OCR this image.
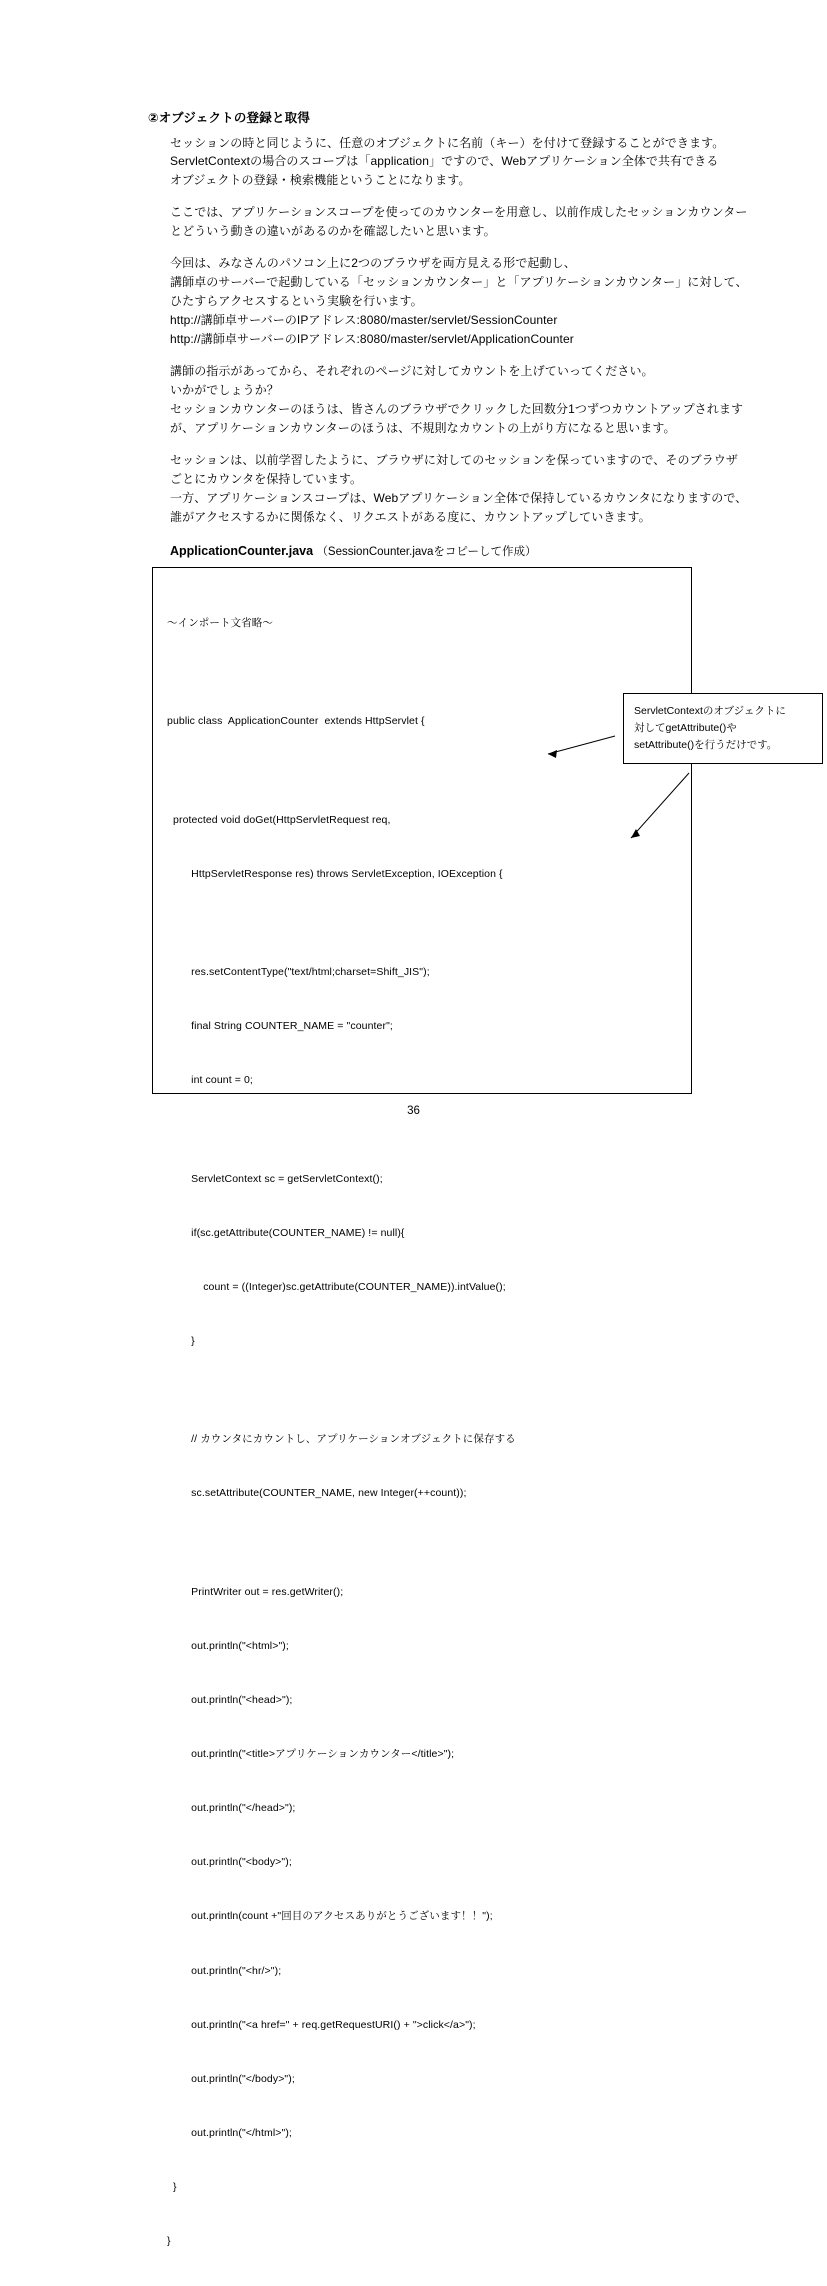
②オブジェクトの登録と取得
セッションの時と同じように、任意のオブジェクトに名前（キー）を付けて登録することができます。
ServletContextの場合のスコープは「application」ですので、Webアプリケーション全体で共有できる
オブジェクトの登録・検索機能ということになります。
ここでは、アプリケーションスコープを使ってのカウンターを用意し、以前作成したセッションカウンター
とどういう動きの違いがあるのかを確認したいと思います。
今回は、みなさんのパソコン上に2つのブラウザを両方見える形で起動し、
講師卓のサーバーで起動している「セッションカウンター」と「アプリケーションカウンター」に対して、
ひたすらアクセスするという実験を行います。
http://講師卓サーバーのIPアドレス:8080/master/servlet/SessionCounter
http://講師卓サーバーのIPアドレス:8080/master/servlet/ApplicationCounter
講師の指示があってから、それぞれのページに対してカウントを上げていってください。
いかがでしょうか？
セッションカウンターのほうは、皆さんのブラウザでクリックした回数分1つずつカウントアップされます
が、アプリケーションカウンターのほうは、不規則なカウントの上がり方になると思います。
セッションは、以前学習したように、ブラウザに対してのセッションを保っていますので、そのブラウザ
ごとにカウンタを保持しています。
一方、アプリケーションスコープは、Webアプリケーション全体で保持しているカウンタになりますので、
誰がアクセスするかに関係なく、リクエストがある度に、カウントアップしていきます。
ApplicationCounter.java （SessionCounter.javaをコピーして作成）

〜インポート文省略〜

public class  ApplicationCounter  extends HttpServlet {

protected void doGet(HttpServletRequest req,

HttpServletResponse res) throws ServletException, IOException {

res.setContentType("text/html;charset=Shift_JIS");

final String COUNTER_NAME = "counter";

int count = 0;

ServletContext sc = getServletContext();

if(sc.getAttribute(COUNTER_NAME) != null){

count = ((Integer)sc.getAttribute(COUNTER_NAME)).intValue();

}

// カウンタにカウントし、アプリケーションオブジェクトに保存する

sc.setAttribute(COUNTER_NAME, new Integer(++count));

PrintWriter out = res.getWriter();

out.println("<html>");

out.println("<head>");

out.println("<title>アプリケーションカウンター</title>");

out.println("</head>");

out.println("<body>");

out.println(count +"回目のアクセスありがとうございます！！");

out.println("<hr/>");

out.println("<a href=" + req.getRequestURI() + ">click</a>");

out.println("</body>");

out.println("</html>");

}

}

ServletContextのオブジェクトに
対してgetAttribute()や
setAttribute()を行うだけです。
36
